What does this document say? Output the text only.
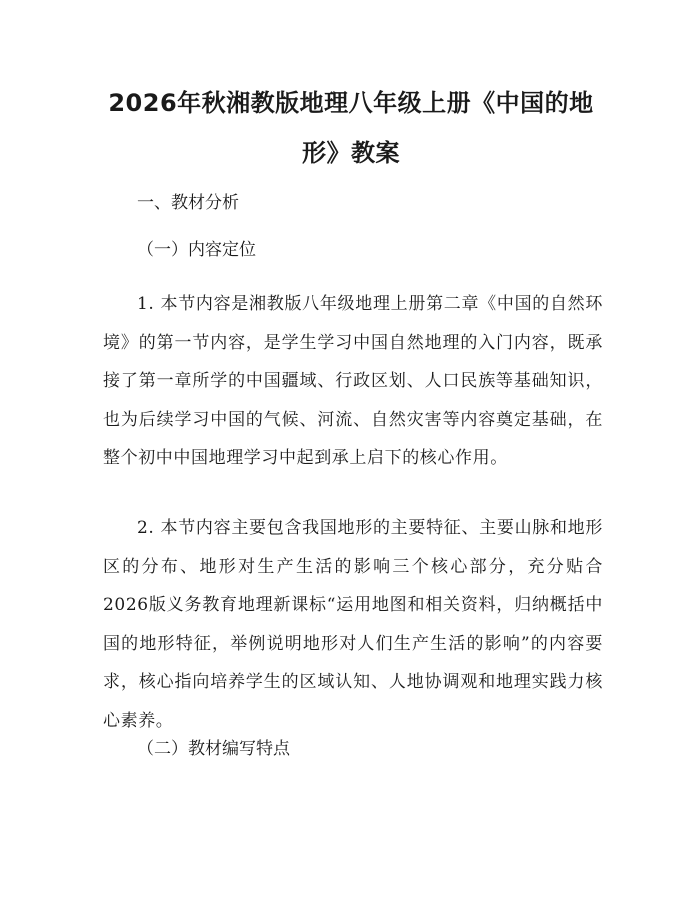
2026年秋湘教版地理八年级上册《中国的地形》教案

一、教材分析

（一）内容定位

1. 本节内容是湘教版八年级地理上册第二章《中国的自然环境》的第一节内容，是学生学习中国自然地理的入门内容，既承接了第一章所学的中国疆域、行政区划、人口民族等基础知识，也为后续学习中国的气候、河流、自然灾害等内容奠定基础，在整个初中中国地理学习中起到承上启下的核心作用。

2. 本节内容主要包含我国地形的主要特征、主要山脉和地形区的分布、地形对生产生活的影响三个核心部分，充分贴合2026版义务教育地理新课标“运用地图和相关资料，归纳概括中国的地形特征，举例说明地形对人们生产生活的影响”的内容要求，核心指向培养学生的区域认知、人地协调观和地理实践力核心素养。

（二）教材编写特点
